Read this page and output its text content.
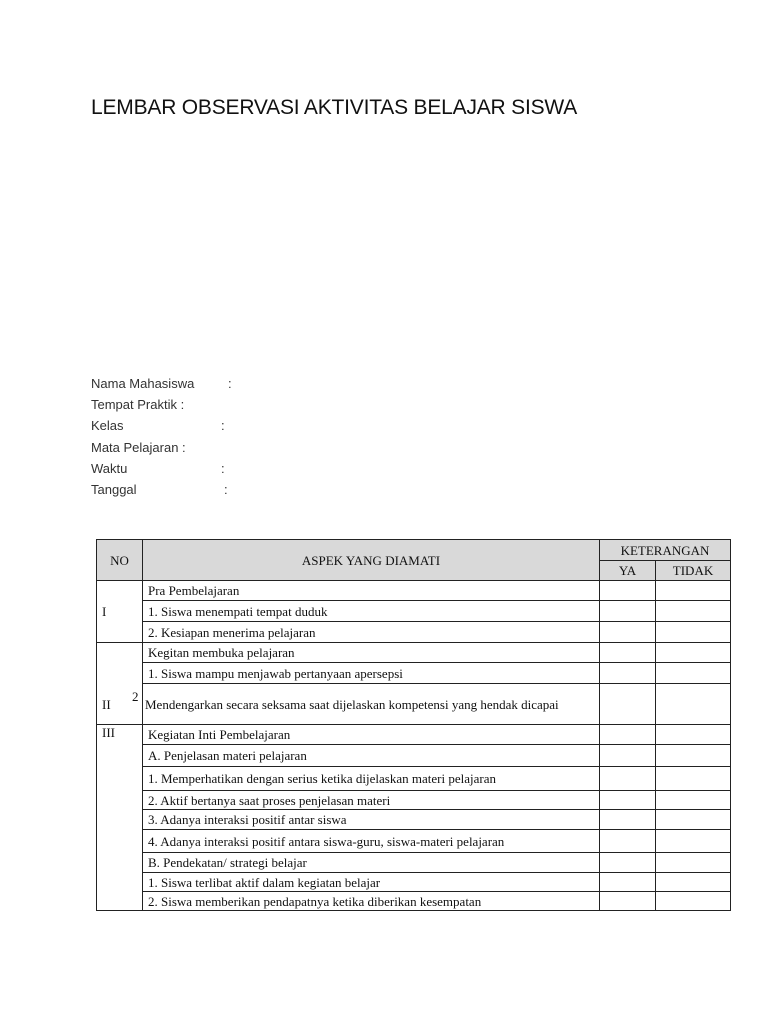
LEMBAR OBSERVASI AKTIVITAS BELAJAR SISWA
Nama Mahasiswa	:
Tempat Praktik :
Kelas	:
Mata Pelajaran :
Waktu	:
Tanggal	:
NO	ASPEK YANG DIAMATI	KETERANGAN	
		YA	TIDAK
I	Pra Pembelajaran		
	1. Siswa menempati tempat duduk		
	2. Kesiapan menerima pelajaran		
II	Kegitan membuka pelajaran		
	1. Siswa mampu menjawab pertanyaan apersepsi		

	2 Mendengarkan secara seksama saat dijelaskan kompetensi yang hendak dicapai		
III	Kegiatan Inti Pembelajaran		
	A. Penjelasan materi pelajaran		
	1. Memperhatikan dengan serius ketika dijelaskan materi pelajaran		
	2. Aktif bertanya saat proses penjelasan materi		
	3. Adanya interaksi positif antar siswa		
	4. Adanya interaksi positif antara siswa-guru, siswa-materi pelajaran		
	B. Pendekatan/ strategi belajar		
	1. Siswa terlibat aktif dalam kegiatan belajar		
	2. Siswa memberikan pendapatnya ketika diberikan kesempatan		
